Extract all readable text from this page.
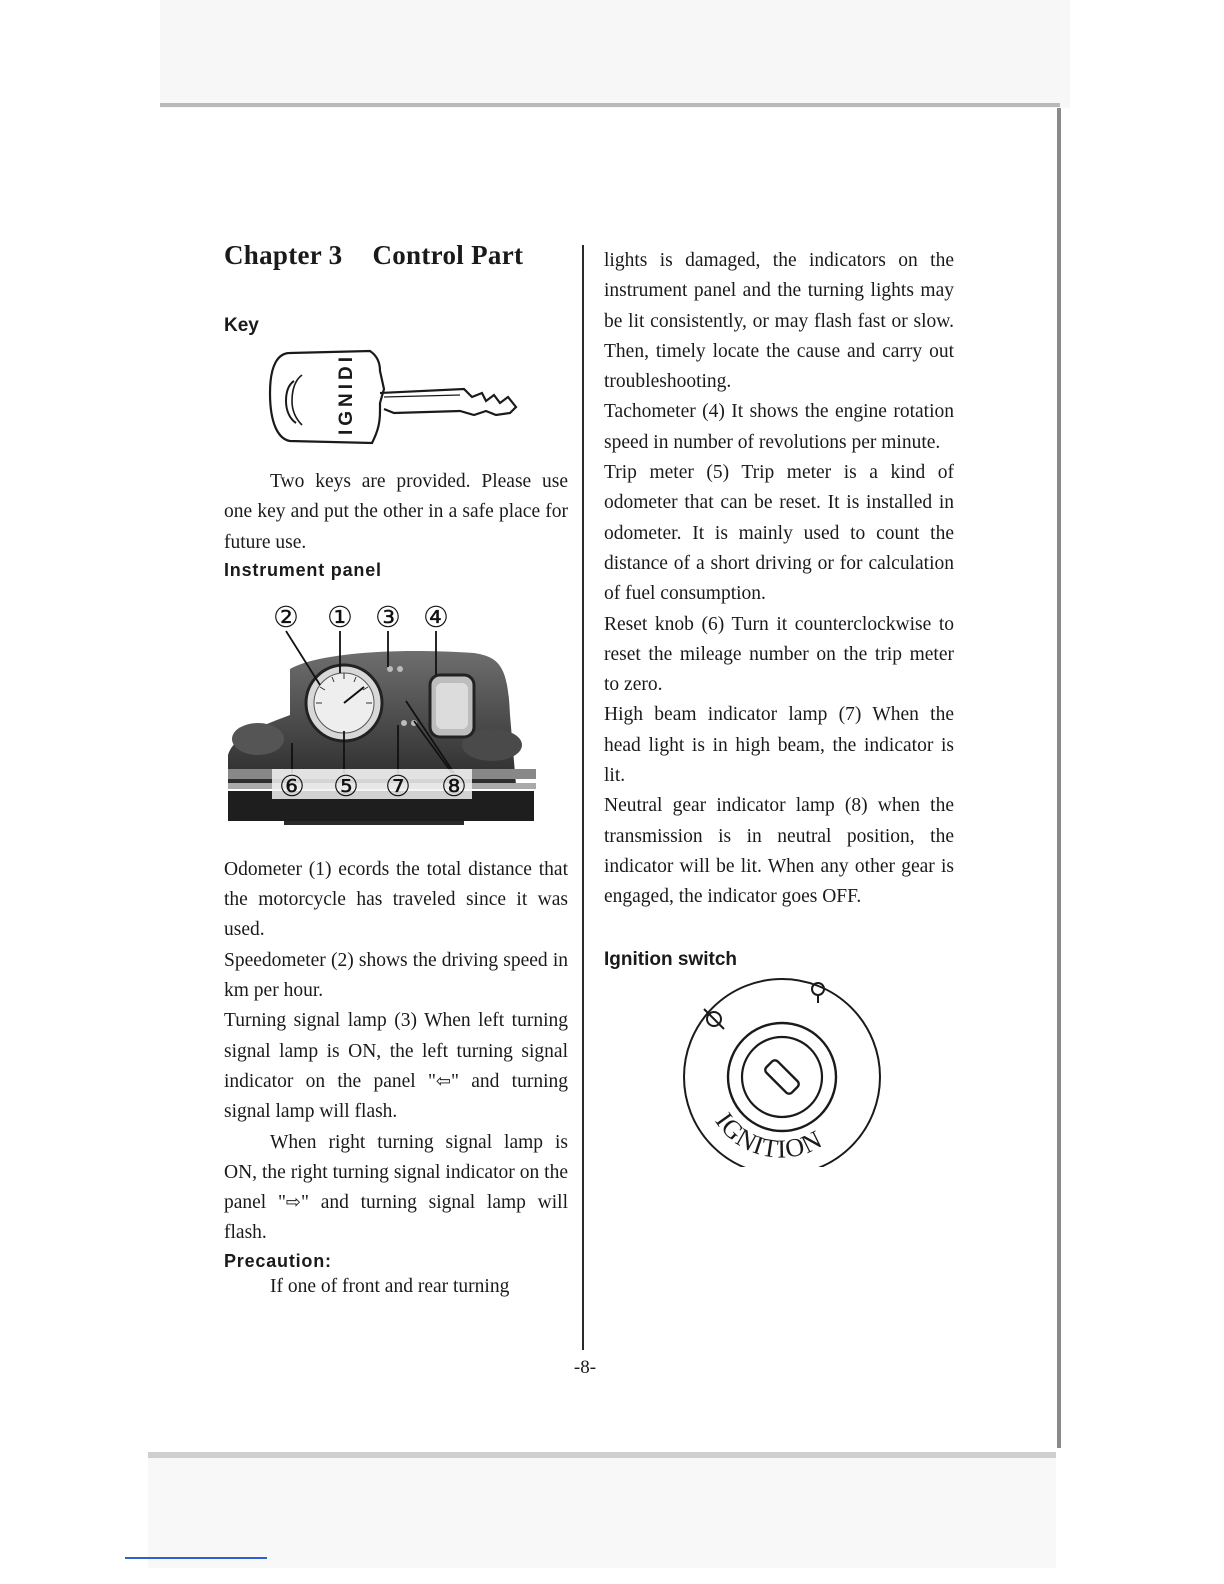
Chapter 3 Control Part
Key
IGNIDI

Two keys are provided. Please use one key and put the other in a safe place for future use.

Instrument panel
② ① ③ ④
⑥ ⑤ ⑦ ⑧

Odometer (1) ecords the total distance that the motorcycle has traveled since it was used.

Speedometer (2) shows the driving speed in km per hour.

Turning signal lamp (3) When left turning signal lamp is ON, the left turning signal indicator on the panel "⇦" and turning signal lamp will flash.

When right turning signal lamp is ON, the right turning signal indicator on the panel "⇨" and turning signal lamp will flash.

Precaution:

If one of front and rear turning

lights is damaged, the indicators on the instrument panel and the turning lights may be lit consistently, or may flash fast or slow. Then, timely locate the cause and carry out troubleshooting.

Tachometer (4) It shows the engine rotation speed in number of revolutions per minute.

Trip meter (5) Trip meter is a kind of odometer that can be reset. It is installed in odometer. It is mainly used to count the distance of a short driving or for calculation of fuel consumption.

Reset knob (6) Turn it counterclockwise to reset the mileage number on the trip meter to zero.

High beam indicator lamp (7) When the head light is in high beam, the indicator is lit.

Neutral gear indicator lamp (8) when the transmission is in neutral position, the indicator will be lit. When any other gear is engaged, the indicator goes OFF.

Ignition switch
IGNITION
-8-
